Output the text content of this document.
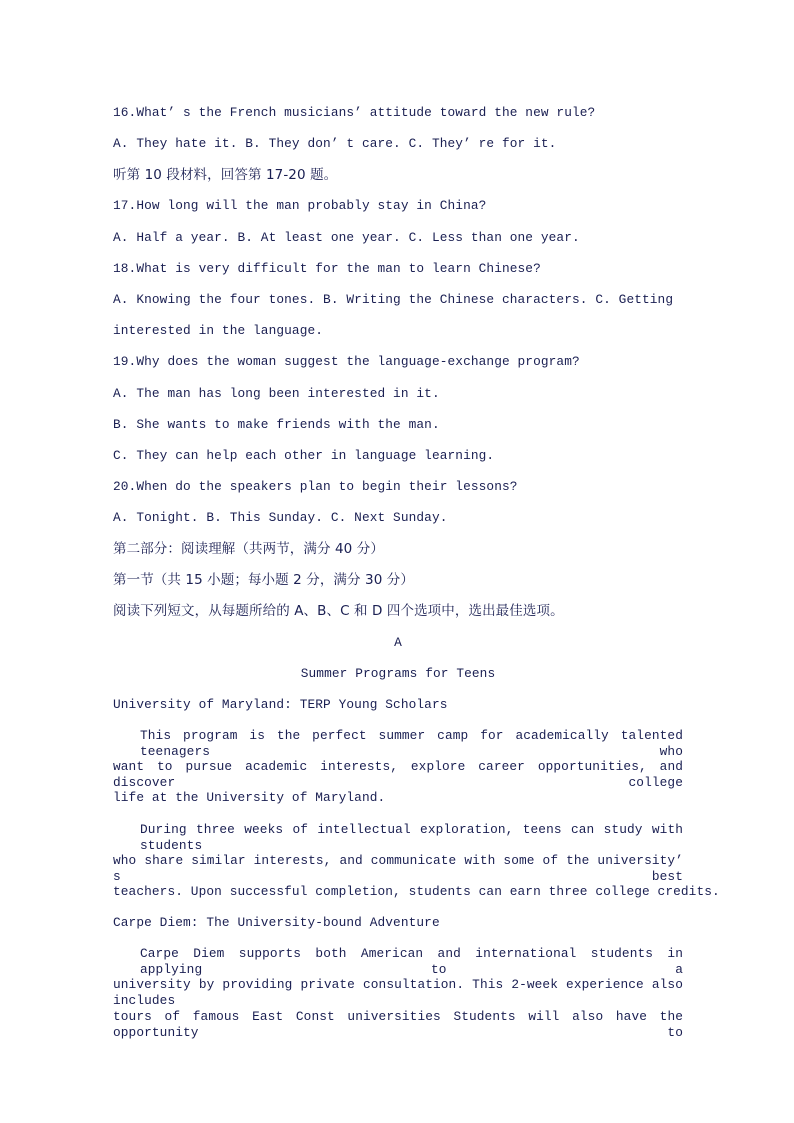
16.What’ s the French musicians’ attitude toward the new rule?
A. They hate it. B. They don’ t care. C. They’ re for it.
听第 10 段材料，回答第 17-20 题。
17.How long will the man probably stay in China?
A. Half a year. B. At least one year. C. Less than one year.
18.What is very difficult for the man to learn Chinese?
A. Knowing the four tones. B. Writing the Chinese characters. C. Getting
interested in the language.
19.Why does the woman suggest the language-exchange program?
A. The man has long been interested in it.
B. She wants to make friends with the man.
C. They can help each other in language learning.
20.When do the speakers plan to begin their lessons?
A. Tonight. B. This Sunday. C. Next Sunday.
第二部分：阅读理解（共两节，满分 40 分）
第一节（共 15 小题；每小题 2 分，满分 30 分）
阅读下列短文，从每题所给的 A、B、C 和 D 四个选项中，选出最佳选项。
A
Summer Programs for Teens
University of Maryland: TERP Young Scholars
This program is the perfect summer camp for academically talented teenagers who
want to pursue academic interests, explore career opportunities, and discover college
life at the University of Maryland.
During three weeks of intellectual exploration, teens can study with students
who share similar interests, and communicate with some of the university’ s best
teachers. Upon successful completion, students can earn three college credits.
Carpe Diem: The University-bound Adventure
Carpe Diem supports both American and international students in applying to a
university by providing private consultation. This 2-week experience also includes
tours of famous East Const universities Students will also have the opportunity to
